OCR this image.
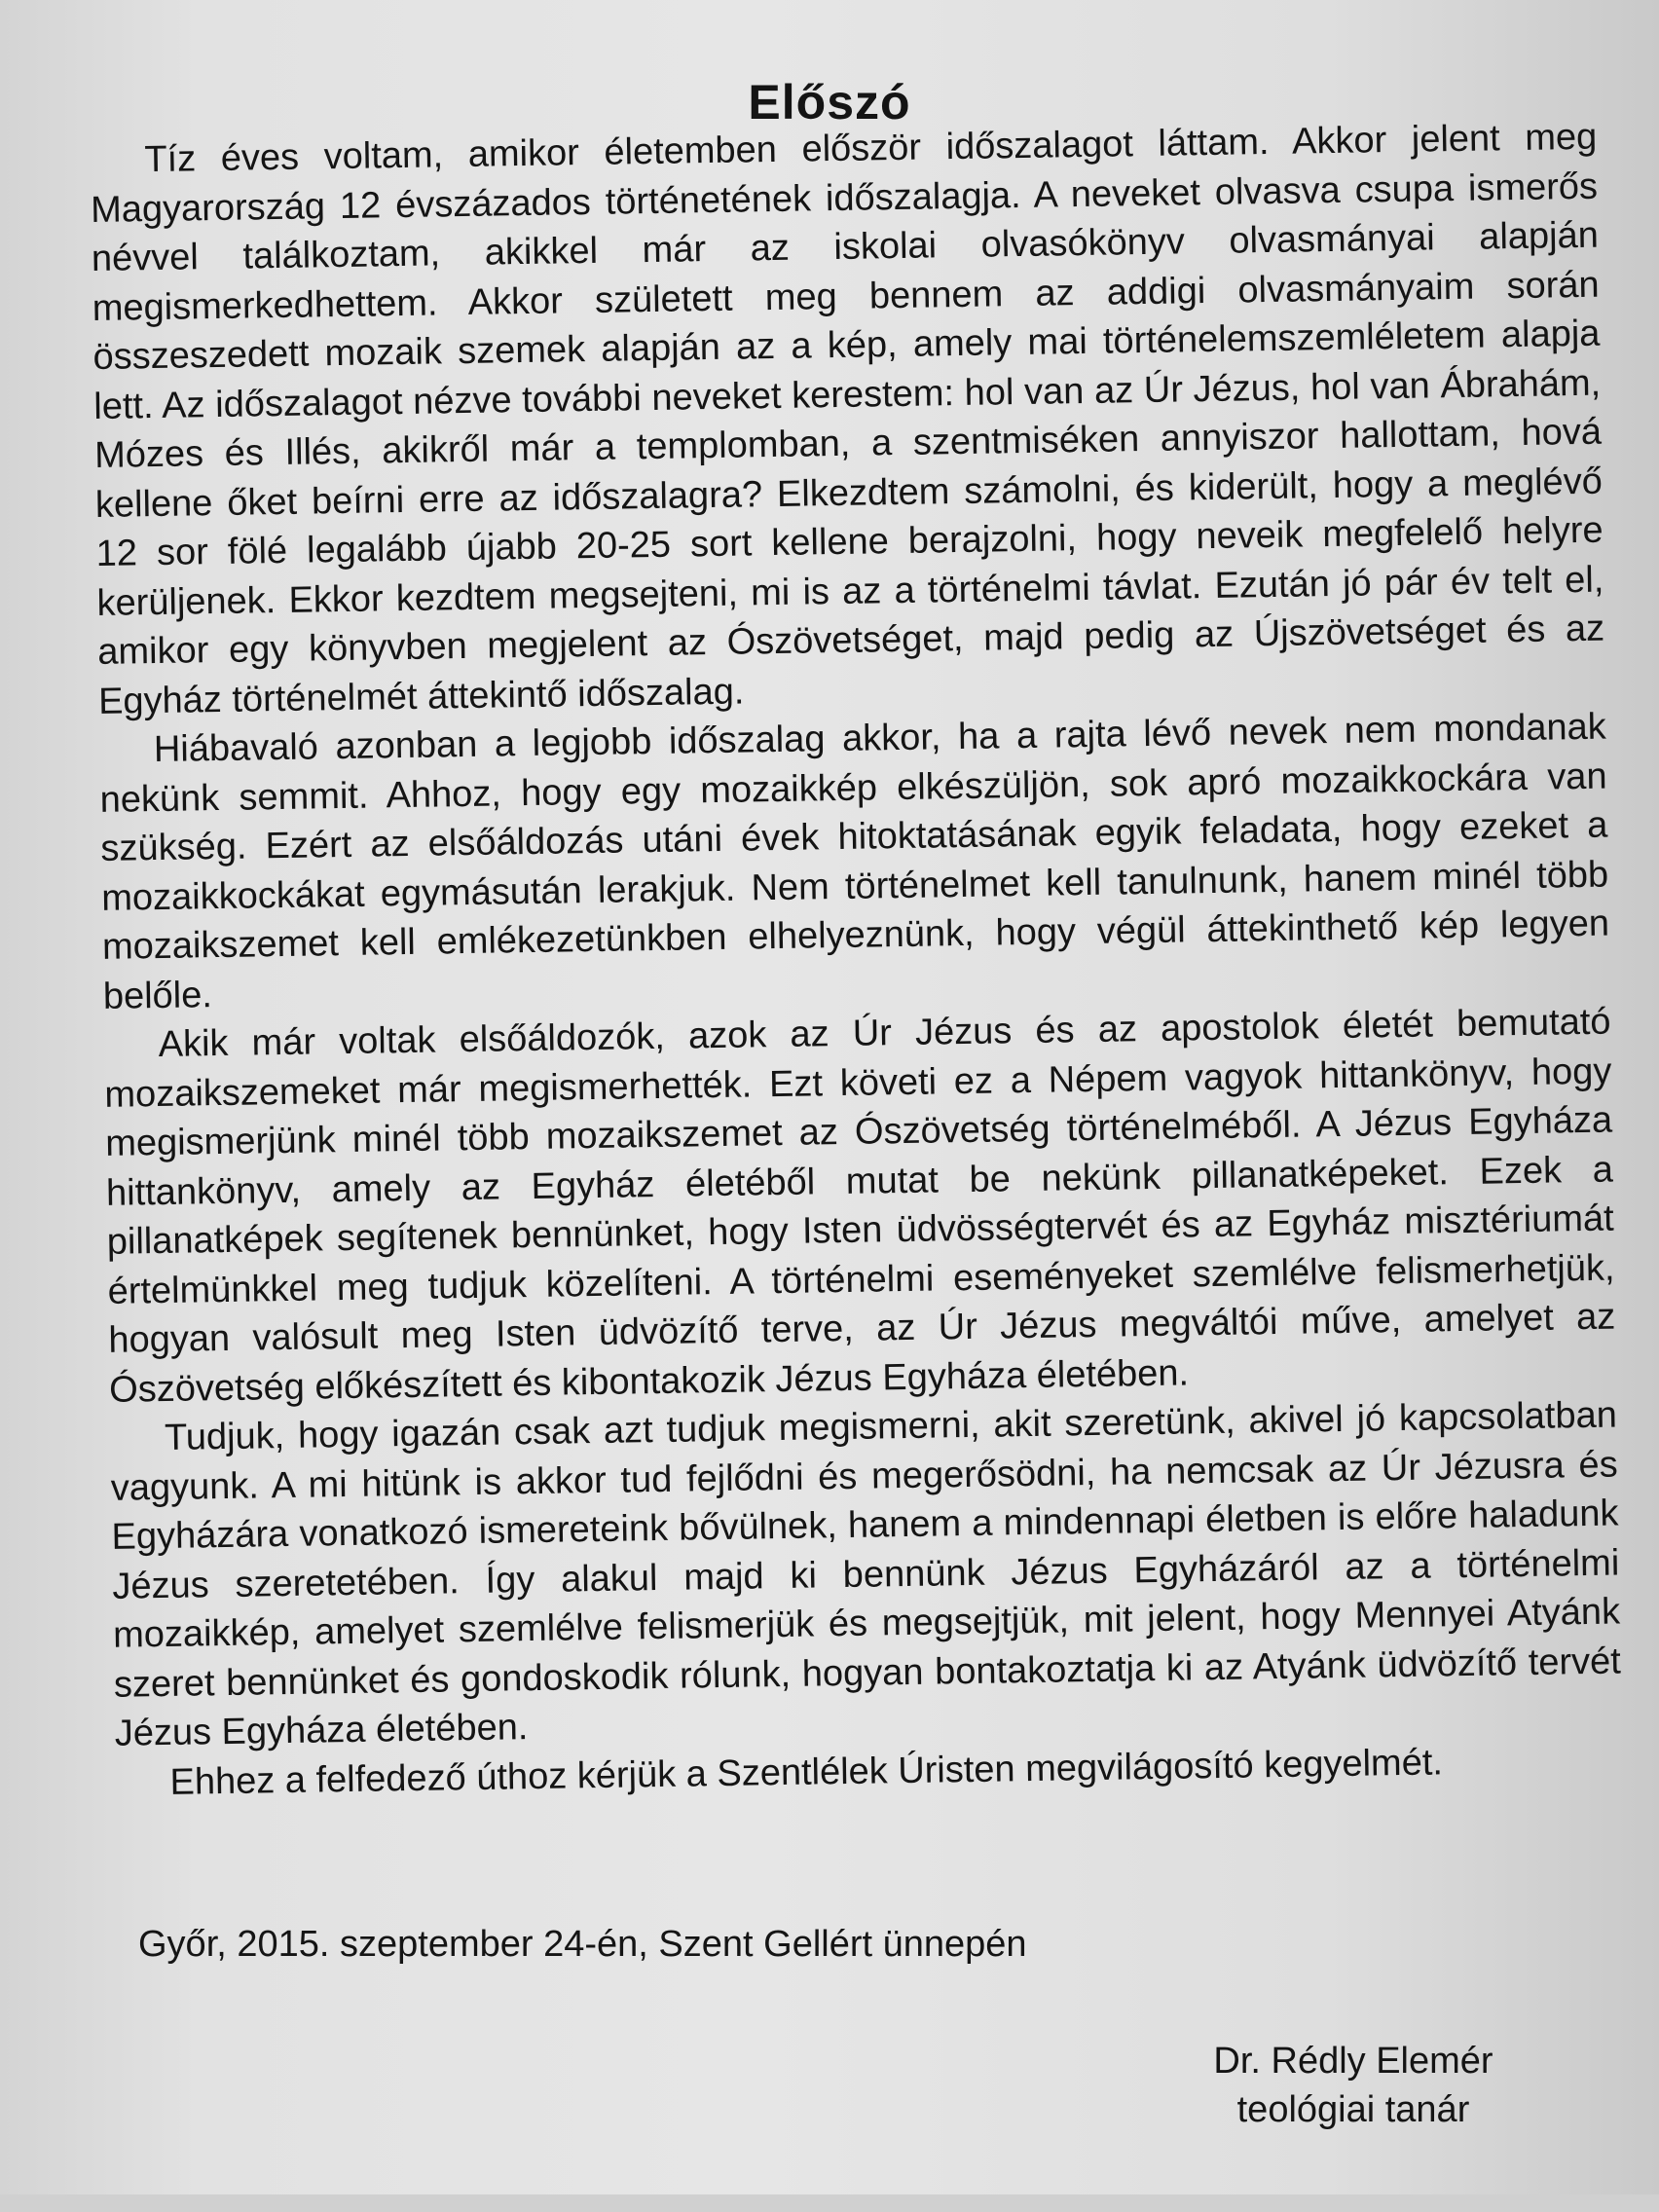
Előszó

Tíz éves voltam, amikor életemben először időszalagot láttam. Akkor jelent meg Magyarország 12 évszázados történetének időszalagja. A neveket olvasva csupa ismerős névvel találkoztam, akikkel már az iskolai olvasókönyv olvasmányai alapján megismerkedhettem. Akkor született meg bennem az addigi olvasmányaim során összeszedett mozaik szemek alapján az a kép, amely mai történelemszemléletem alapja lett. Az időszalagot nézve további neveket kerestem: hol van az Úr Jézus, hol van Ábrahám, Mózes és Illés, akikről már a templomban, a szentmiséken annyiszor hallottam, hová kellene őket beírni erre az időszalagra? Elkezdtem számolni, és kiderült, hogy a meglévő 12 sor fölé legalább újabb 20-25 sort kellene berajzolni, hogy neveik megfelelő helyre kerüljenek. Ekkor kezdtem megsejteni, mi is az a történelmi távlat. Ezután jó pár év telt el, amikor egy könyvben megjelent az Ószövetséget, majd pedig az Újszövetséget és az Egyház történelmét áttekintő időszalag.

Hiábavaló azonban a legjobb időszalag akkor, ha a rajta lévő nevek nem mondanak nekünk semmit. Ahhoz, hogy egy mozaikkép elkészüljön, sok apró mozaikkockára van szükség. Ezért az elsőáldozás utáni évek hitoktatásának egyik feladata, hogy ezeket a mozaikkockákat egymásután lerakjuk. Nem történelmet kell tanulnunk, hanem minél több mozaikszemet kell emlékezetünkben elhelyeznünk, hogy végül áttekinthető kép legyen belőle.

Akik már voltak elsőáldozók, azok az Úr Jézus és az apostolok életét bemutató mozaikszemeket már megismerhették. Ezt követi ez a Népem vagyok hittankönyv, hogy megismerjünk minél több mozaikszemet az Ószövetség történelméből. A Jézus Egyháza hittankönyv, amely az Egyház életéből mutat be nekünk pillanatképeket. Ezek a pillanatképek segítenek bennünket, hogy Isten üdvösségtervét és az Egyház misztériumát értelmünkkel meg tudjuk közelíteni. A történelmi eseményeket szemlélve felismerhetjük, hogyan valósult meg Isten üdvözítő terve, az Úr Jézus megváltói műve, amelyet az Ószövetség előkészített és kibontakozik Jézus Egyháza életében.

Tudjuk, hogy igazán csak azt tudjuk megismerni, akit szeretünk, akivel jó kapcsolatban vagyunk. A mi hitünk is akkor tud fejlődni és megerősödni, ha nemcsak az Úr Jézusra és Egyházára vonatkozó ismereteink bővülnek, hanem a mindennapi életben is előre haladunk Jézus szeretetében. Így alakul majd ki bennünk Jézus Egyházáról az a történelmi mozaikkép, amelyet szemlélve felismerjük és megsejtjük, mit jelent, hogy Mennyei Atyánk szeret bennünket és gondoskodik rólunk, hogyan bontakoztatja ki az Atyánk üdvözítő tervét Jézus Egyháza életében.

Ehhez a felfedező úthoz kérjük a Szentlélek Úristen megvilágosító kegyelmét.

Győr, 2015. szeptember 24-én, Szent Gellért ünnepén
Dr. Rédly Elemér
teológiai tanár
